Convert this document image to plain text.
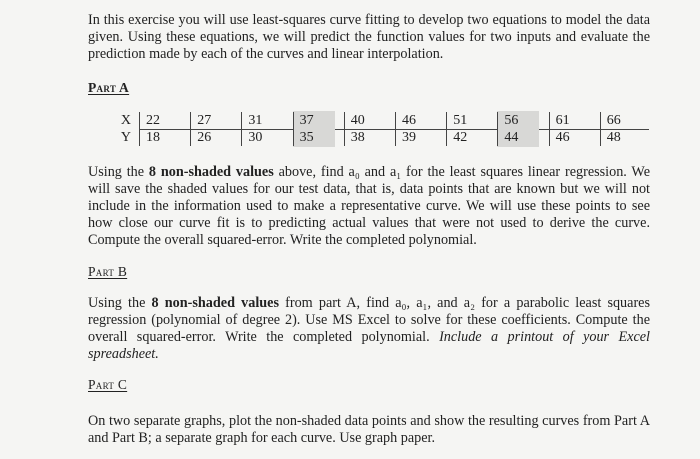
In this exercise you will use least-squares curve fitting to develop two equations to model the data given. Using these equations, we will predict the function values for two inputs and evaluate the prediction made by each of the curves and linear interpolation.

Part A

X
Y
22
18
27
26
31
30
37
35
40
38
46
39
51
42
56
44
61
46
66
48

Using the 8 non-shaded values above, find a₀ and a₁ for the least squares linear regression. We will save the shaded values for our test data, that is, data points that are known but we will not include in the information used to make a representative curve. We will use these points to see how close our curve fit is to predicting actual values that were not used to derive the curve. Compute the overall squared-error. Write the completed polynomial.

Part B

Using the 8 non-shaded values from part A, find a₀, a₁, and a₂ for a parabolic least squares regression (polynomial of degree 2). Use MS Excel to solve for these coefficients. Compute the overall squared-error. Write the completed polynomial. Include a printout of your Excel spreadsheet.

Part C

On two separate graphs, plot the non-shaded data points and show the resulting curves from Part A and Part B; a separate graph for each curve. Use graph paper.
